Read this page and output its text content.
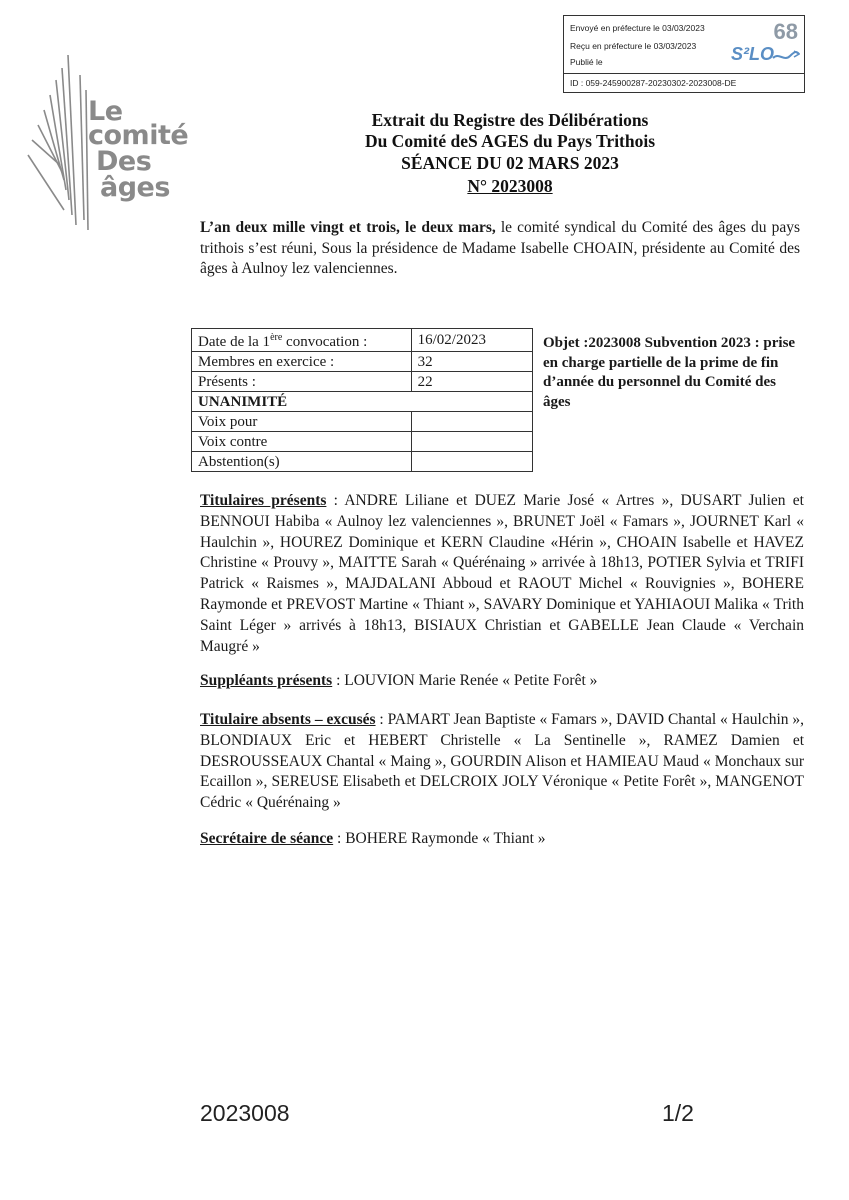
Envoyé en préfecture le 03/03/2023
Reçu en préfecture le 03/03/2023
Publié le
68
S²LO
ID : 059-245900287-20230302-2023008-DE
Le
comité
Des
âges
Extrait du Registre des Délibérations
Du Comité deS AGES du Pays Trithois
SÉANCE DU 02 MARS 2023
N° 2023008
L’an deux mille vingt et trois, le deux mars, le comité syndical du Comité des âges du pays trithois s’est réuni, Sous la présidence de Madame Isabelle CHOAIN, présidente au Comité des âges à Aulnoy lez valenciennes.
Date de la 1ère convocation :	16/02/2023
Membres en exercice :	32
Présents :	22
UNANIMITÉ	
Voix pour	
Voix contre	
Abstention(s)	
Objet :2023008 Subvention 2023 : prise en charge partielle de la prime de fin d’année du personnel du Comité des âges
Titulaires présents : ANDRE Liliane et DUEZ Marie José « Artres », DUSART Julien et BENNOUI Habiba « Aulnoy lez valenciennes », BRUNET Joël « Famars », JOURNET Karl « Haulchin », HOUREZ Dominique et KERN Claudine «Hérin », CHOAIN Isabelle et HAVEZ Christine « Prouvy », MAITTE Sarah « Quérénaing » arrivée à 18h13, POTIER Sylvia et TRIFI Patrick « Raismes », MAJDALANI Abboud et RAOUT Michel « Rouvignies », BOHERE Raymonde et PREVOST Martine « Thiant », SAVARY Dominique et YAHIAOUI Malika « Trith Saint Léger » arrivés à 18h13, BISIAUX Christian et GABELLE Jean Claude « Verchain Maugré »
Suppléants présents : LOUVION Marie Renée « Petite Forêt »
Titulaire absents – excusés : PAMART Jean Baptiste « Famars », DAVID Chantal « Haulchin », BLONDIAUX Eric et HEBERT Christelle « La Sentinelle », RAMEZ Damien et DESROUSSEAUX Chantal « Maing », GOURDIN Alison et HAMIEAU Maud « Monchaux sur Ecaillon », SEREUSE Elisabeth et DELCROIX JOLY Véronique « Petite Forêt », MANGENOT Cédric « Quérénaing »
Secrétaire de séance : BOHERE Raymonde « Thiant »
2023008	1/2
